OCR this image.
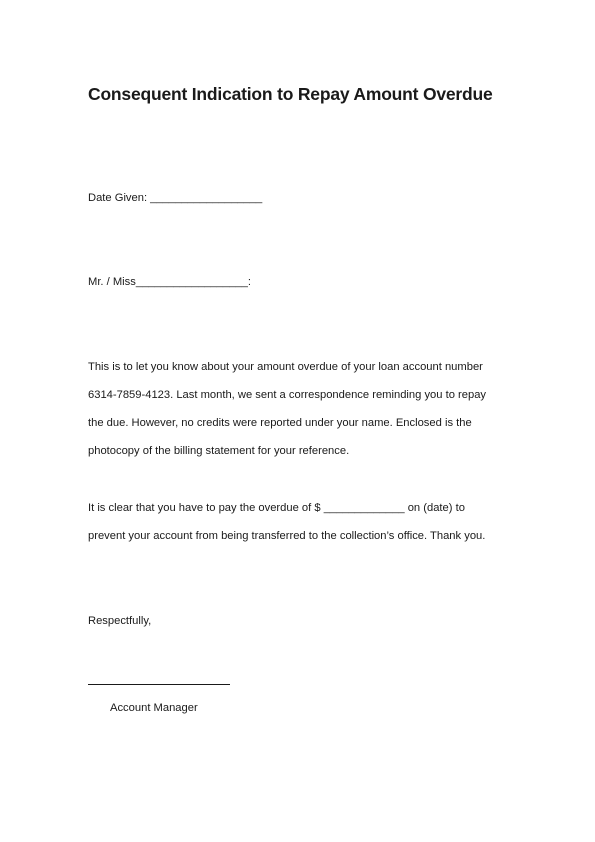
Consequent Indication to Repay Amount Overdue
Date Given: __________________
Mr. / Miss__________________:
This is to let you know about your amount overdue of your loan account number
6314-7859-4123. Last month, we sent a correspondence reminding you to repay
the due. However, no credits were reported under your name. Enclosed is the
photocopy of the billing statement for your reference.
It is clear that you have to pay the overdue of $ _____________ on (date) to
prevent your account from being transferred to the collection’s office. Thank you.
Respectfully,
Account Manager
